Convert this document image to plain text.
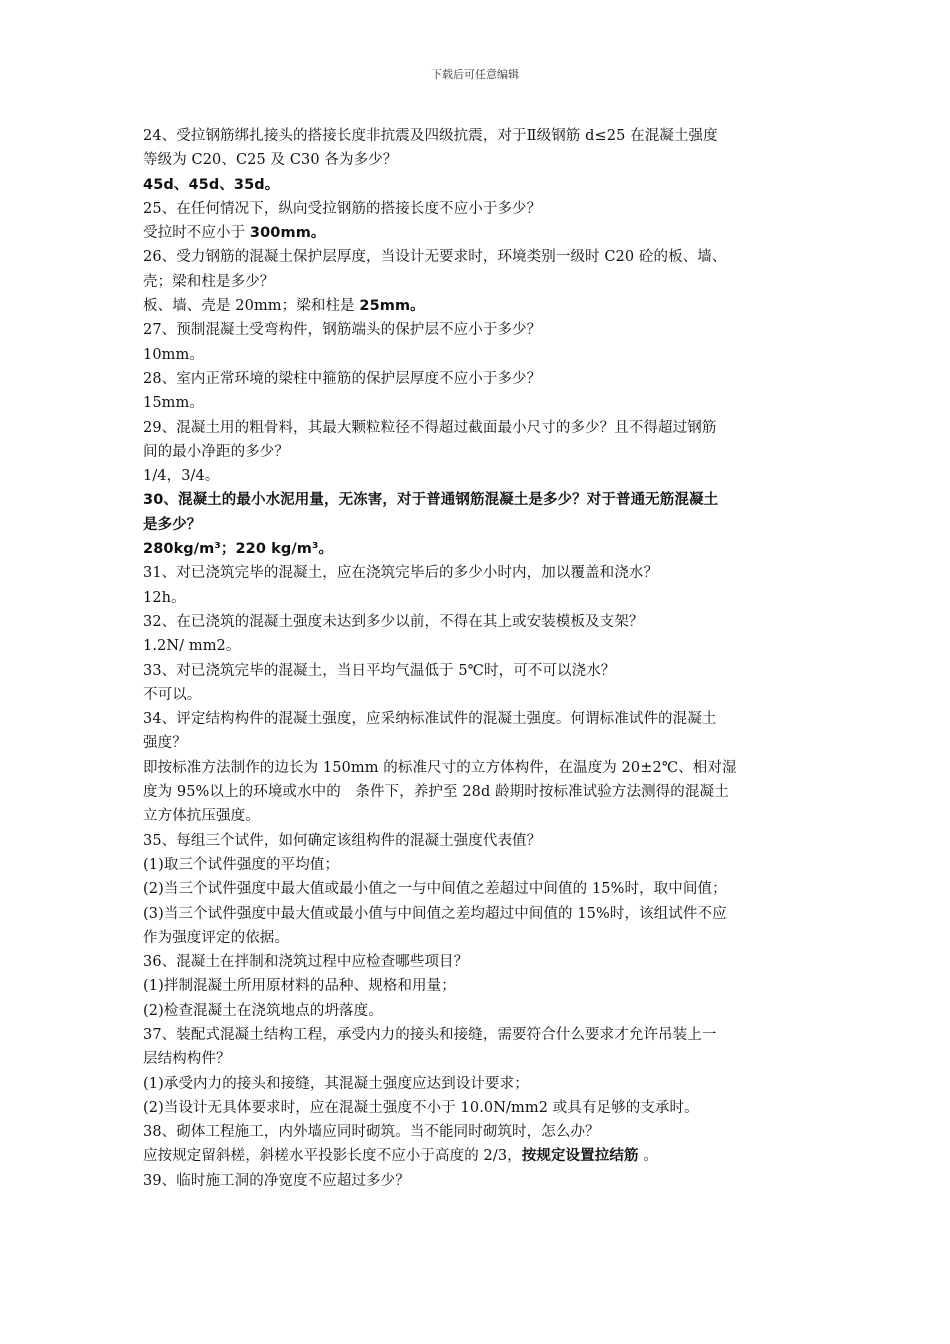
下载后可任意编辑
24、受拉钢筋绑扎接头的搭接长度非抗震及四级抗震，对于Ⅱ级钢筋 d≤25 在混凝土强度
等级为 C20、C25 及 C30 各为多少？
45d、45d、35d。
25、在任何情况下，纵向受拉钢筋的搭接长度不应小于多少？
受拉时不应小于 300mm。
26、受力钢筋的混凝土保护层厚度，当设计无要求时，环境类别一级时 C20 砼的板、墙、
壳；梁和柱是多少？
板、墙、壳是 20mm；梁和柱是 25mm。
27、预制混凝土受弯构件，钢筋端头的保护层不应小于多少？
10mm。
28、室内正常环境的梁柱中箍筋的保护层厚度不应小于多少？
15mm。
29、混凝土用的粗骨料，其最大颗粒粒径不得超过截面最小尺寸的多少？且不得超过钢筋
间的最小净距的多少？
1/4，3/4。
30、混凝土的最小水泥用量，无冻害，对于普通钢筋混凝土是多少？对于普通无筋混凝土
是多少？
280kg/m³；220 kg/m³。
31、对已浇筑完毕的混凝土，应在浇筑完毕后的多少小时内，加以覆盖和浇水？
12h。
32、在已浇筑的混凝土强度未达到多少以前，不得在其上或安装模板及支架？
1.2N/ mm2。
33、对已浇筑完毕的混凝土，当日平均气温低于 5℃时，可不可以浇水？
不可以。
34、评定结构构件的混凝土强度，应采纳标准试件的混凝土强度。何谓标准试件的混凝土
强度？
即按标准方法制作的边长为 150mm 的标准尺寸的立方体构件，在温度为 20±2℃、相对湿
度为 95%以上的环境或水中的　条件下，养护至 28d 龄期时按标准试验方法测得的混凝土
立方体抗压强度。
35、每组三个试件，如何确定该组构件的混凝土强度代表值？
(1)取三个试件强度的平均值；
(2)当三个试件强度中最大值或最小值之一与中间值之差超过中间值的 15%时，取中间值；
(3)当三个试件强度中最大值或最小值与中间值之差均超过中间值的 15%时，该组试件不应
作为强度评定的依据。
36、混凝土在拌制和浇筑过程中应检查哪些项目？
(1)拌制混凝土所用原材料的品种、规格和用量；
(2)检查混凝土在浇筑地点的坍落度。
37、装配式混凝土结构工程，承受内力的接头和接缝，需要符合什么要求才允许吊装上一
层结构构件？
(1)承受内力的接头和接缝，其混凝土强度应达到设计要求；
(2)当设计无具体要求时，应在混凝土强度不小于 10.0N/mm2 或具有足够的支承时。
38、砌体工程施工，内外墙应同时砌筑。当不能同时砌筑时，怎么办？
应按规定留斜槎，斜槎水平投影长度不应小于高度的 2/3，按规定设置拉结筋 。
39、临时施工洞的净宽度不应超过多少？
